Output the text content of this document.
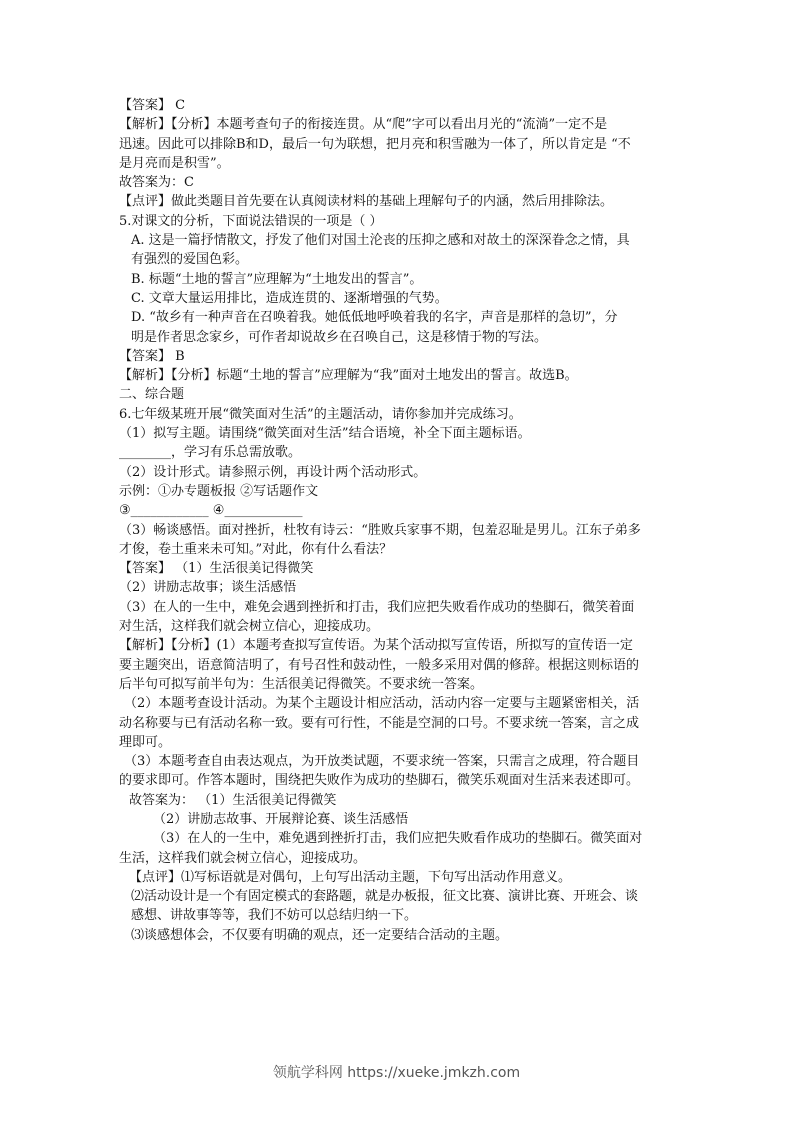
【答案】 C
【解析】【分析】本题考查句子的衔接连贯。从“爬”字可以看出月光的“流淌”一定不是
迅速。因此可以排除B和D，最后一句为联想，把月亮和积雪融为一体了，所以肯定是 “不
是月亮而是积雪”。
故答案为：C
【点评】做此类题目首先要在认真阅读材料的基础上理解句子的内涵，然后用排除法。
5.对课文的分析，下面说法错误的一项是（ ）
A. 这是一篇抒情散文，抒发了他们对国土沦丧的压抑之感和对故土的深深眷念之情，具
有强烈的爱国色彩。
B. 标题“土地的誓言”应理解为“土地发出的誓言”。
C. 文章大量运用排比，造成连贯的、逐渐增强的气势。
D. “故乡有一种声音在召唤着我。她低低地呼唤着我的名字，声音是那样的急切”，分
明是作者思念家乡，可作者却说故乡在召唤自己，这是移情于物的写法。
【答案】 B
【解析】【分析】标题“土地的誓言”应理解为“我”面对土地发出的誓言。故选B。
二、综合题
6.七年级某班开展“微笑面对生活”的主题活动，请你参加并完成练习。
（1）拟写主题。请围绕“微笑面对生活”结合语境，补全下面主题标语。
________，学习有乐总需放歌。
（2）设计形式。请参照示例，再设计两个活动形式。
示例：①办专题板报 ②写话题作文
③____________ ④____________
（3）畅谈感悟。面对挫折，杜牧有诗云：“胜败兵家事不期，包羞忍耻是男儿。江东子弟多
才俊，卷土重来未可知。”对此，你有什么看法？
【答案】 （1）生活很美记得微笑
（2）讲励志故事；谈生活感悟
（3）在人的一生中，难免会遇到挫折和打击，我们应把失败看作成功的垫脚石，微笑着面
对生活，这样我们就会树立信心，迎接成功。
【解析】【分析】(1）本题考查拟写宣传语。为某个活动拟写宣传语，所拟写的宣传语一定
要主题突出，语意简洁明了，有号召性和鼓动性，一般多采用对偶的修辞。根据这则标语的
后半句可拟写前半句为：生活很美记得微笑。不要求统一答案。
（2）本题考查设计活动。为某个主题设计相应活动，活动内容一定要与主题紧密相关，活
动名称要与已有活动名称一致。要有可行性，不能是空洞的口号。不要求统一答案，言之成
理即可。
（3）本题考查自由表达观点，为开放类试题，不要求统一答案，只需言之成理，符合题目
的要求即可。作答本题时，围绕把失败作为成功的垫脚石，微笑乐观面对生活来表述即可。
故答案为： （1）生活很美记得微笑
（2）讲励志故事、开展辩论赛、谈生活感悟
（3）在人的一生中，难免遇到挫折打击，我们应把失败看作成功的垫脚石。微笑面对
生活，这样我们就会树立信心，迎接成功。
【点评】⑴写标语就是对偶句，上句写出活动主题，下句写出活动作用意义。
⑵活动设计是一个有固定模式的套路题，就是办板报，征文比赛、演讲比赛、开班会、谈
感想、讲故事等等，我们不妨可以总结归纳一下。
⑶谈感想体会，不仅要有明确的观点，还一定要结合活动的主题。
领航学科网 https://xueke.jmkzh.com
